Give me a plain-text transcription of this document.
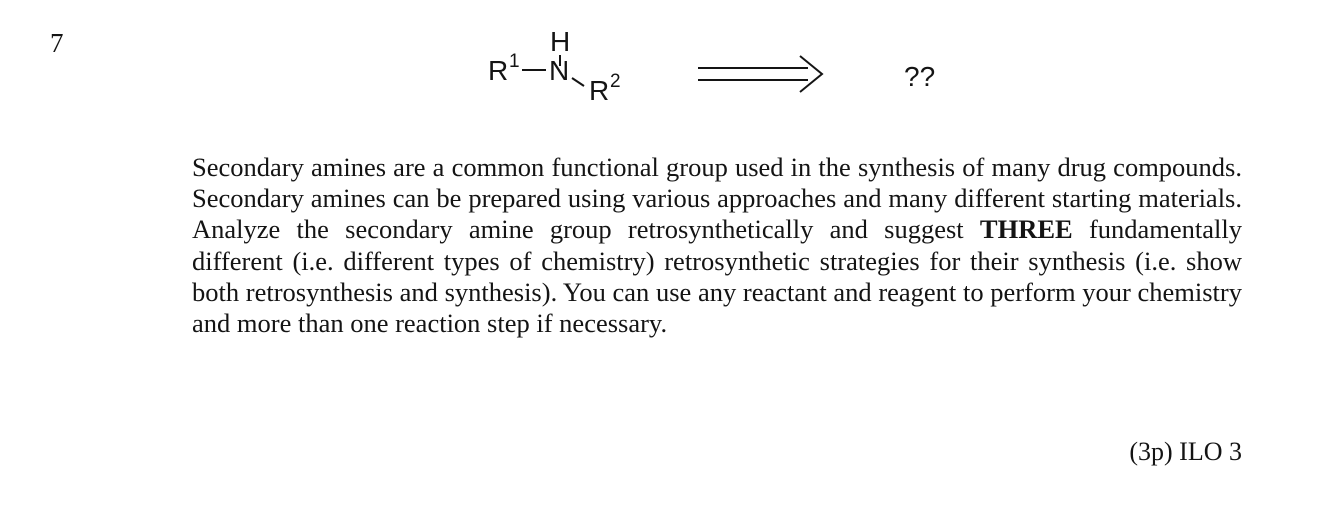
7	H
R 1 N
R 2	??

Secondary amines are a common functional group used in the synthesis of many drug compounds. Secondary amines can be prepared using various approaches and many different starting materials. Analyze the secondary amine group retrosynthetically and suggest THREE fundamentally different (i.e. different types of chemistry) retrosynthetic strategies for their synthesis (i.e. show both retrosynthesis and synthesis). You can use any reactant and reagent to perform your chemistry and more than one reaction step if necessary.

(3p) ILO 3
